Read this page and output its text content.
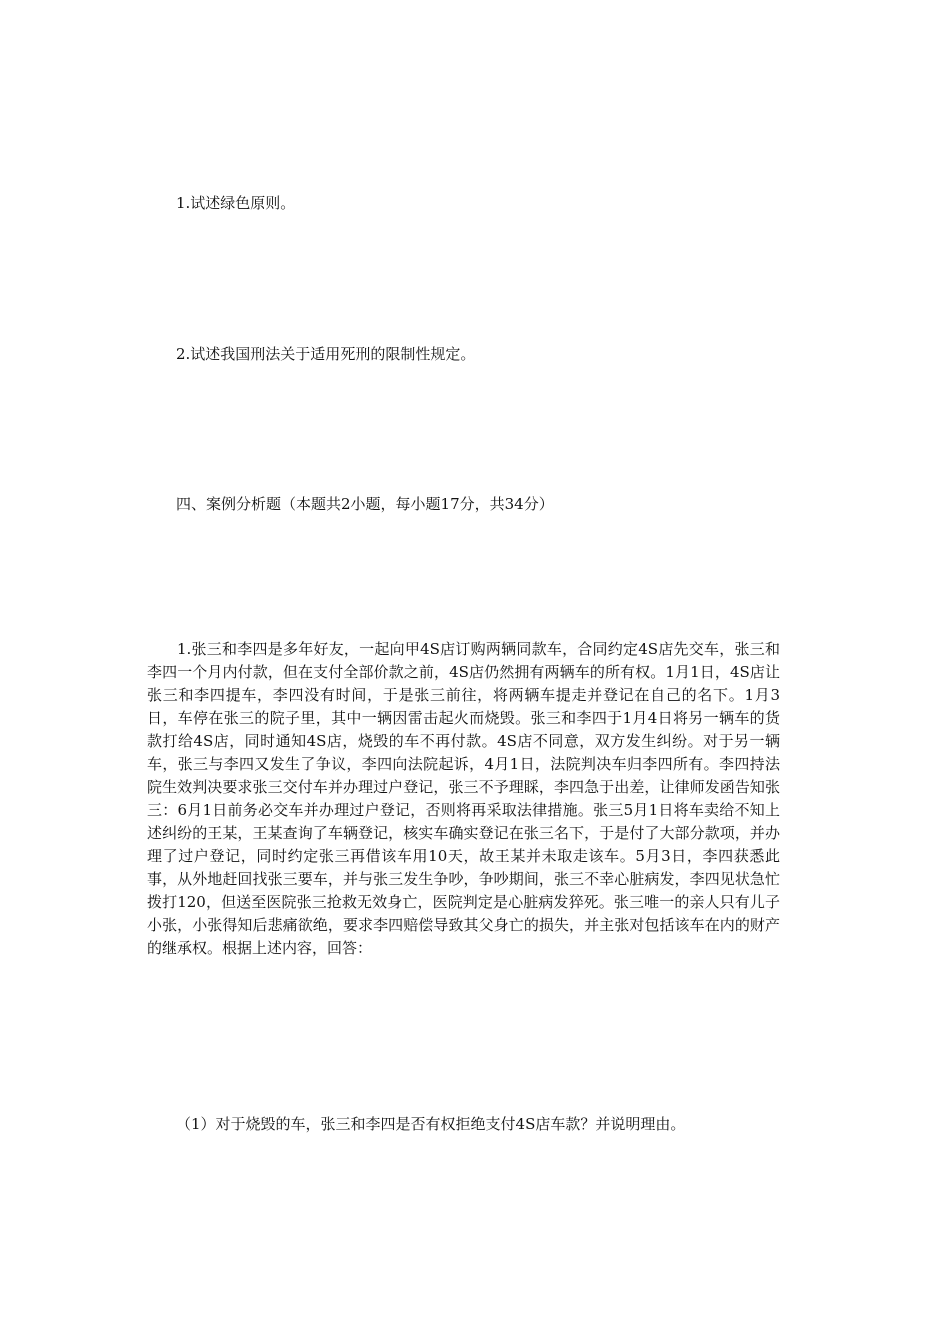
1.试述绿色原则。
2.试述我国刑法关于适用死刑的限制性规定。
四、案例分析题（本题共2小题，每小题17分，共34分）

1.张三和李四是多年好友，一起向甲4S店订购两辆同款车，合同约定4S店先交车，张三和李四一个月内付款，但在支付全部价款之前，4S店仍然拥有两辆车的所有权。1月1日，4S店让张三和李四提车，李四没有时间，于是张三前往，将两辆车提走并登记在自己的名下。1月3日，车停在张三的院子里，其中一辆因雷击起火而烧毁。张三和李四于1月4日将另一辆车的货款打给4S店，同时通知4S店，烧毁的车不再付款。4S店不同意，双方发生纠纷。对于另一辆车，张三与李四又发生了争议，李四向法院起诉，4月1日，法院判决车归李四所有。李四持法院生效判决要求张三交付车并办理过户登记，张三不予理睬，李四急于出差，让律师发函告知张三：6月1日前务必交车并办理过户登记，否则将再采取法律措施。张三5月1日将车卖给不知上述纠纷的王某，王某查询了车辆登记，核实车确实登记在张三名下，于是付了大部分款项，并办理了过户登记，同时约定张三再借该车用10天，故王某并未取走该车。5月3日，李四获悉此事，从外地赶回找张三要车，并与张三发生争吵，争吵期间，张三不幸心脏病发，李四见状急忙拨打120，但送至医院张三抢救无效身亡，医院判定是心脏病发猝死。张三唯一的亲人只有儿子小张，小张得知后悲痛欲绝，要求李四赔偿导致其父身亡的损失，并主张对包括该车在内的财产的继承权。根据上述内容，回答：

（1）对于烧毁的车，张三和李四是否有权拒绝支付4S店车款？并说明理由。
